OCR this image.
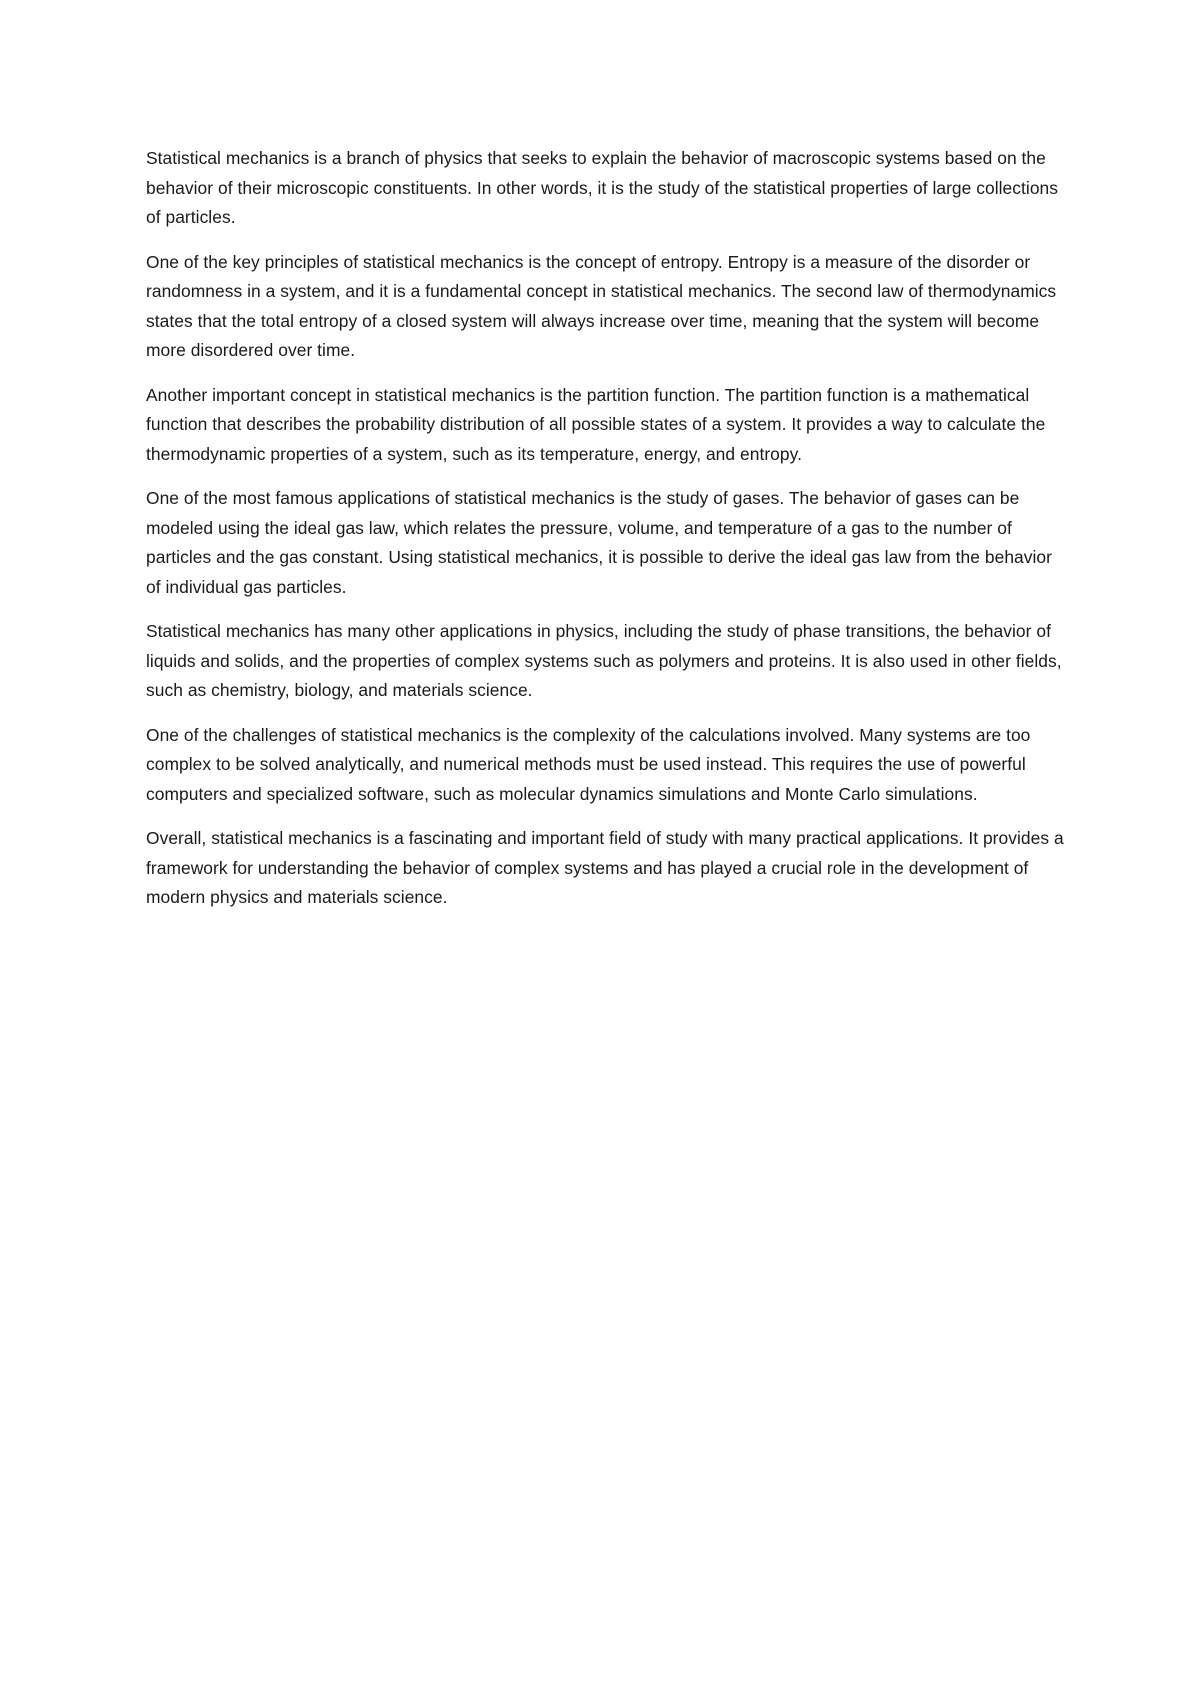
Statistical mechanics is a branch of physics that seeks to explain the behavior of macroscopic systems based on the behavior of their microscopic constituents. In other words, it is the study of the statistical properties of large collections of particles.

One of the key principles of statistical mechanics is the concept of entropy. Entropy is a measure of the disorder or randomness in a system, and it is a fundamental concept in statistical mechanics. The second law of thermodynamics states that the total entropy of a closed system will always increase over time, meaning that the system will become more disordered over time.

Another important concept in statistical mechanics is the partition function. The partition function is a mathematical function that describes the probability distribution of all possible states of a system. It provides a way to calculate the thermodynamic properties of a system, such as its temperature, energy, and entropy.

One of the most famous applications of statistical mechanics is the study of gases. The behavior of gases can be modeled using the ideal gas law, which relates the pressure, volume, and temperature of a gas to the number of particles and the gas constant. Using statistical mechanics, it is possible to derive the ideal gas law from the behavior of individual gas particles.

Statistical mechanics has many other applications in physics, including the study of phase transitions, the behavior of liquids and solids, and the properties of complex systems such as polymers and proteins. It is also used in other fields, such as chemistry, biology, and materials science.

One of the challenges of statistical mechanics is the complexity of the calculations involved. Many systems are too complex to be solved analytically, and numerical methods must be used instead. This requires the use of powerful computers and specialized software, such as molecular dynamics simulations and Monte Carlo simulations.

Overall, statistical mechanics is a fascinating and important field of study with many practical applications. It provides a framework for understanding the behavior of complex systems and has played a crucial role in the development of modern physics and materials science.
